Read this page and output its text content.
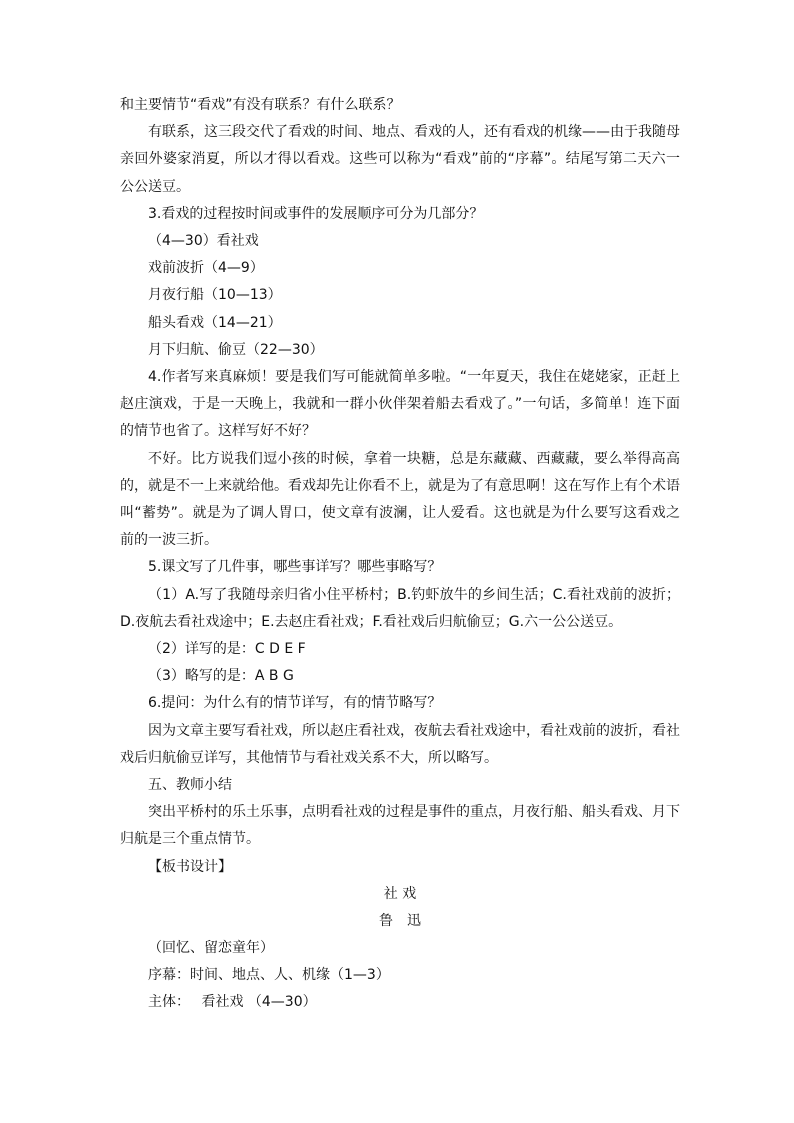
和主要情节“看戏”有没有联系？有什么联系？
有联系，这三段交代了看戏的时间、地点、看戏的人，还有看戏的机缘——由于我随母亲回外婆家消夏，所以才得以看戏。这些可以称为“看戏”前的“序幕”。结尾写第二天六一公公送豆。
3.看戏的过程按时间或事件的发展顺序可分为几部分？
（4—30）看社戏
戏前波折（4—9）
月夜行船（10—13）
船头看戏（14—21）
月下归航、偷豆（22—30）
4.作者写来真麻烦！要是我们写可能就简单多啦。“一年夏天，我住在姥姥家，正赶上赵庄演戏，于是一天晚上，我就和一群小伙伴架着船去看戏了。”一句话，多简单！连下面的情节也省了。这样写好不好？
不好。比方说我们逗小孩的时候，拿着一块糖，总是东藏藏、西藏藏，要么举得高高的，就是不一上来就给他。看戏却先让你看不上，就是为了有意思啊！这在写作上有个术语叫“蓄势”。就是为了调人胃口，使文章有波澜，让人爱看。这也就是为什么要写这看戏之前的一波三折。
5.课文写了几件事，哪些事详写？哪些事略写？
（1）A.写了我随母亲归省小住平桥村；B.钓虾放牛的乡间生活；C.看社戏前的波折；D.夜航去看社戏途中；E.去赵庄看社戏；F.看社戏后归航偷豆；G.六一公公送豆。
（2）详写的是：C D E F
（3）略写的是：A B G
6.提问：为什么有的情节详写，有的情节略写？
因为文章主要写看社戏，所以赵庄看社戏，夜航去看社戏途中，看社戏前的波折，看社戏后归航偷豆详写，其他情节与看社戏关系不大，所以略写。
五、教师小结
突出平桥村的乐土乐事，点明看社戏的过程是事件的重点，月夜行船、船头看戏、月下归航是三个重点情节。
【板书设计】
社 戏
鲁　迅
（回忆、留恋童年）
序幕：时间、地点、人、机缘（1—3）
主体：　 看社戏 （4—30）
